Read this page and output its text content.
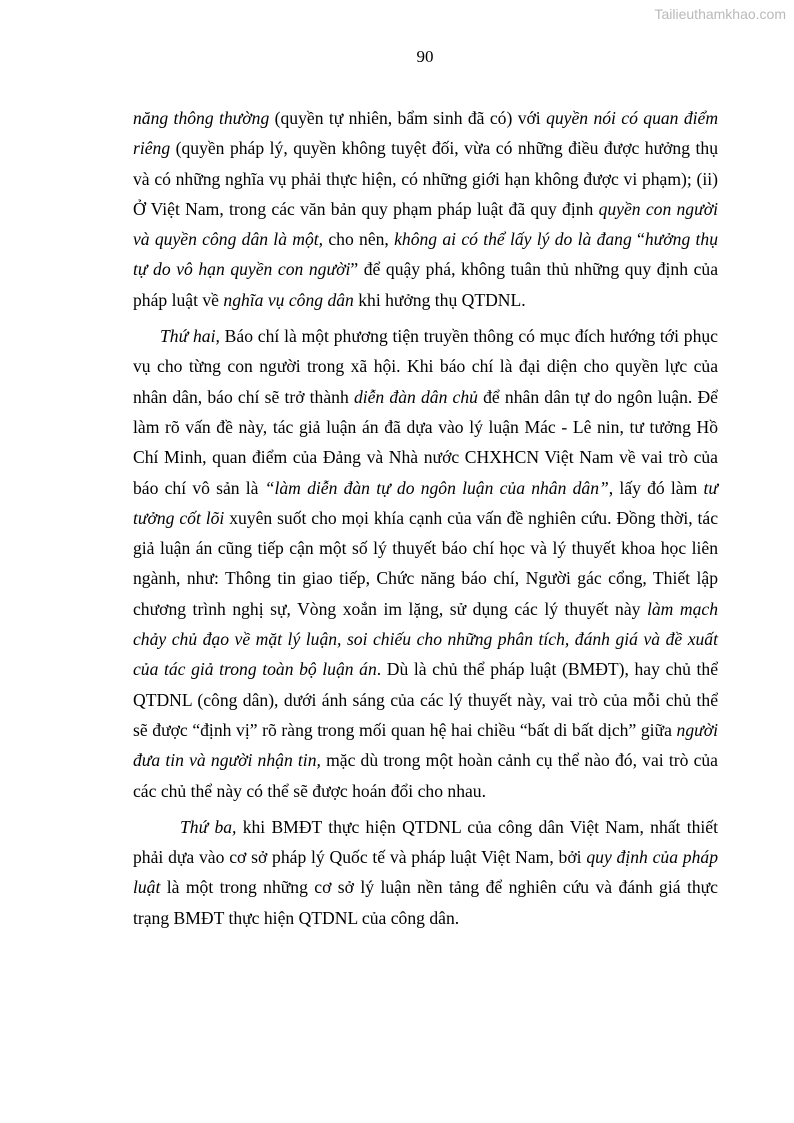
Tailieuthamkhao.com
90

năng thông thường (quyền tự nhiên, bẩm sinh đã có) với quyền nói có quan điểm riêng (quyền pháp lý, quyền không tuyệt đối, vừa có những điều được hưởng thụ và có những nghĩa vụ phải thực hiện, có những giới hạn không được vi phạm); (ii) Ở Việt Nam, trong các văn bản quy phạm pháp luật đã quy định quyền con người và quyền công dân là một, cho nên, không ai có thể lấy lý do là đang “hưởng thụ tự do vô hạn quyền con người” để quậy phá, không tuân thủ những quy định của pháp luật về nghĩa vụ công dân khi hưởng thụ QTDNL.

Thứ hai, Báo chí là một phương tiện truyền thông có mục đích hướng tới phục vụ cho từng con người trong xã hội. Khi báo chí là đại diện cho quyền lực của nhân dân, báo chí sẽ trở thành diễn đàn dân chủ để nhân dân tự do ngôn luận. Để làm rõ vấn đề này, tác giả luận án đã dựa vào lý luận Mác - Lê nin, tư tưởng Hồ Chí Minh, quan điểm của Đảng và Nhà nước CHXHCN Việt Nam về vai trò của báo chí vô sản là “làm diễn đàn tự do ngôn luận của nhân dân”, lấy đó làm tư tưởng cốt lõi xuyên suốt cho mọi khía cạnh của vấn đề nghiên cứu. Đồng thời, tác giả luận án cũng tiếp cận một số lý thuyết báo chí học và lý thuyết khoa học liên ngành, như: Thông tin giao tiếp, Chức năng báo chí, Người gác cổng, Thiết lập chương trình nghị sự, Vòng xoắn im lặng, sử dụng các lý thuyết này làm mạch chảy chủ đạo về mặt lý luận, soi chiếu cho những phân tích, đánh giá và đề xuất của tác giả trong toàn bộ luận án. Dù là chủ thể pháp luật (BMĐT), hay chủ thể QTDNL (công dân), dưới ánh sáng của các lý thuyết này, vai trò của mỗi chủ thể sẽ được “định vị” rõ ràng trong mối quan hệ hai chiều “bất di bất dịch” giữa người đưa tin và người nhận tin, mặc dù trong một hoàn cảnh cụ thể nào đó, vai trò của các chủ thể này có thể sẽ được hoán đổi cho nhau.

Thứ ba, khi BMĐT thực hiện QTDNL của công dân Việt Nam, nhất thiết phải dựa vào cơ sở pháp lý Quốc tế và pháp luật Việt Nam, bởi quy định của pháp luật là một trong những cơ sở lý luận nền tảng để nghiên cứu và đánh giá thực trạng BMĐT thực hiện QTDNL của công dân.
